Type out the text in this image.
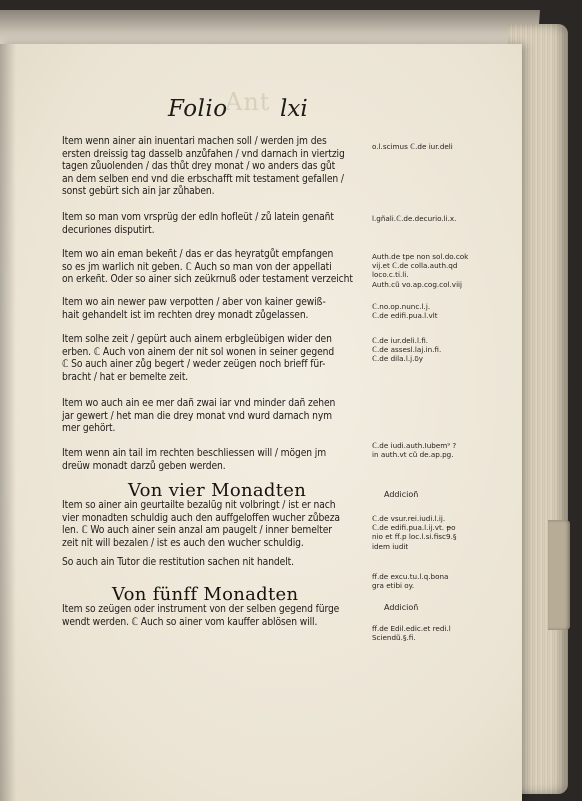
Ant
Folio lxi
Item wenn ainer ain inuentari machen soll / werden jm des
ersten dreissig tag dasselb anzůfahen / vnd darnach in viertzig
tagen zůuolenden / das thůt drey monat / wo anders das gůt
an dem selben end vnd die erbschafft mit testament gefallen /
sonst gebürt sich ain jar zůhaben.
Item so man vom vrsprüg der edln hofleüt / zů latein genañt
decuriones disputirt.
Item wo ain eman bekeñt / das er das heyratgůt empfangen
so es jm warlich nit geben. ℂ Auch so man von der appellati
on erkeñt. Oder so ainer sich zeükrnuß oder testament verzeicht
Item wo ain newer paw verpotten / aber von kainer gewiß-
hait gehandelt ist im rechten drey monadt zůgelassen.
Item solhe zeit / gepürt auch ainem erbgleübigen wider den
erben. ℂ Auch von ainem der nit sol wonen in seiner gegend
ℂ So auch ainer zůg begert / weder zeügen noch brieff für-
bracht / hat er bemelte zeit.
Item wo auch ain ee mer dañ zwai iar vnd minder dañ zehen
jar gewert / het man die drey monat vnd wurd darnach nym
mer gehört.
Item wenn ain tail im rechten beschliessen will / mögen jm
dreüw monadt darzů geben werden.
Item so ainer ain geurtailte bezalũg nit volbringt / ist er nach
vier monadten schuldig auch den auffgeloffen wucher zůbeza
len. ℂ Wo auch ainer sein anzal am paugelt / inner bemelter
zeit nit will bezalen / ist es auch den wucher schuldig.
So auch ain Tutor die restitution sachen nit handelt.
Item so zeügen oder instrument von der selben gegend fürge
wendt werden. ℂ Auch so ainer vom kauffer ablösen will.
o.l.scimus ℂ.de iur.deli
l.gñali.ℂ.de.decurio.li.x.
Auth.de tpe non sol.do.cok
vij.et ℂ.de colla.auth.qd
loco.c.ti.li.
Auth.cũ vo.ap.cog.col.viij
ℂ.no.op.nunc.l.j.
ℂ.de edifi.pua.l.vlt
ℂ.de iur.deli.l.fi.
ℂ.de assesl.laj.in.fi.
ℂ.de dila.l.j.ẟy
ℂ.de iudi.auth.Iubem⁹ ?
in auth.vt cũ de.ap.pg.
ℂ.de vsur.rei.iudi.l.ij.
ℂ.de edifi.pua.l.ij.vt. ᵽo
nio et ff.p loc.l.si.fisc9.§
idem iudit
ff.de excu.tu.l.q.bona
gra etibi oy.
ff.de Edil.edic.et redi.l
Sciendũ.§.fi.
Von vier Monadten
Von fünff Monadten
Addicioñ
Addicioñ
